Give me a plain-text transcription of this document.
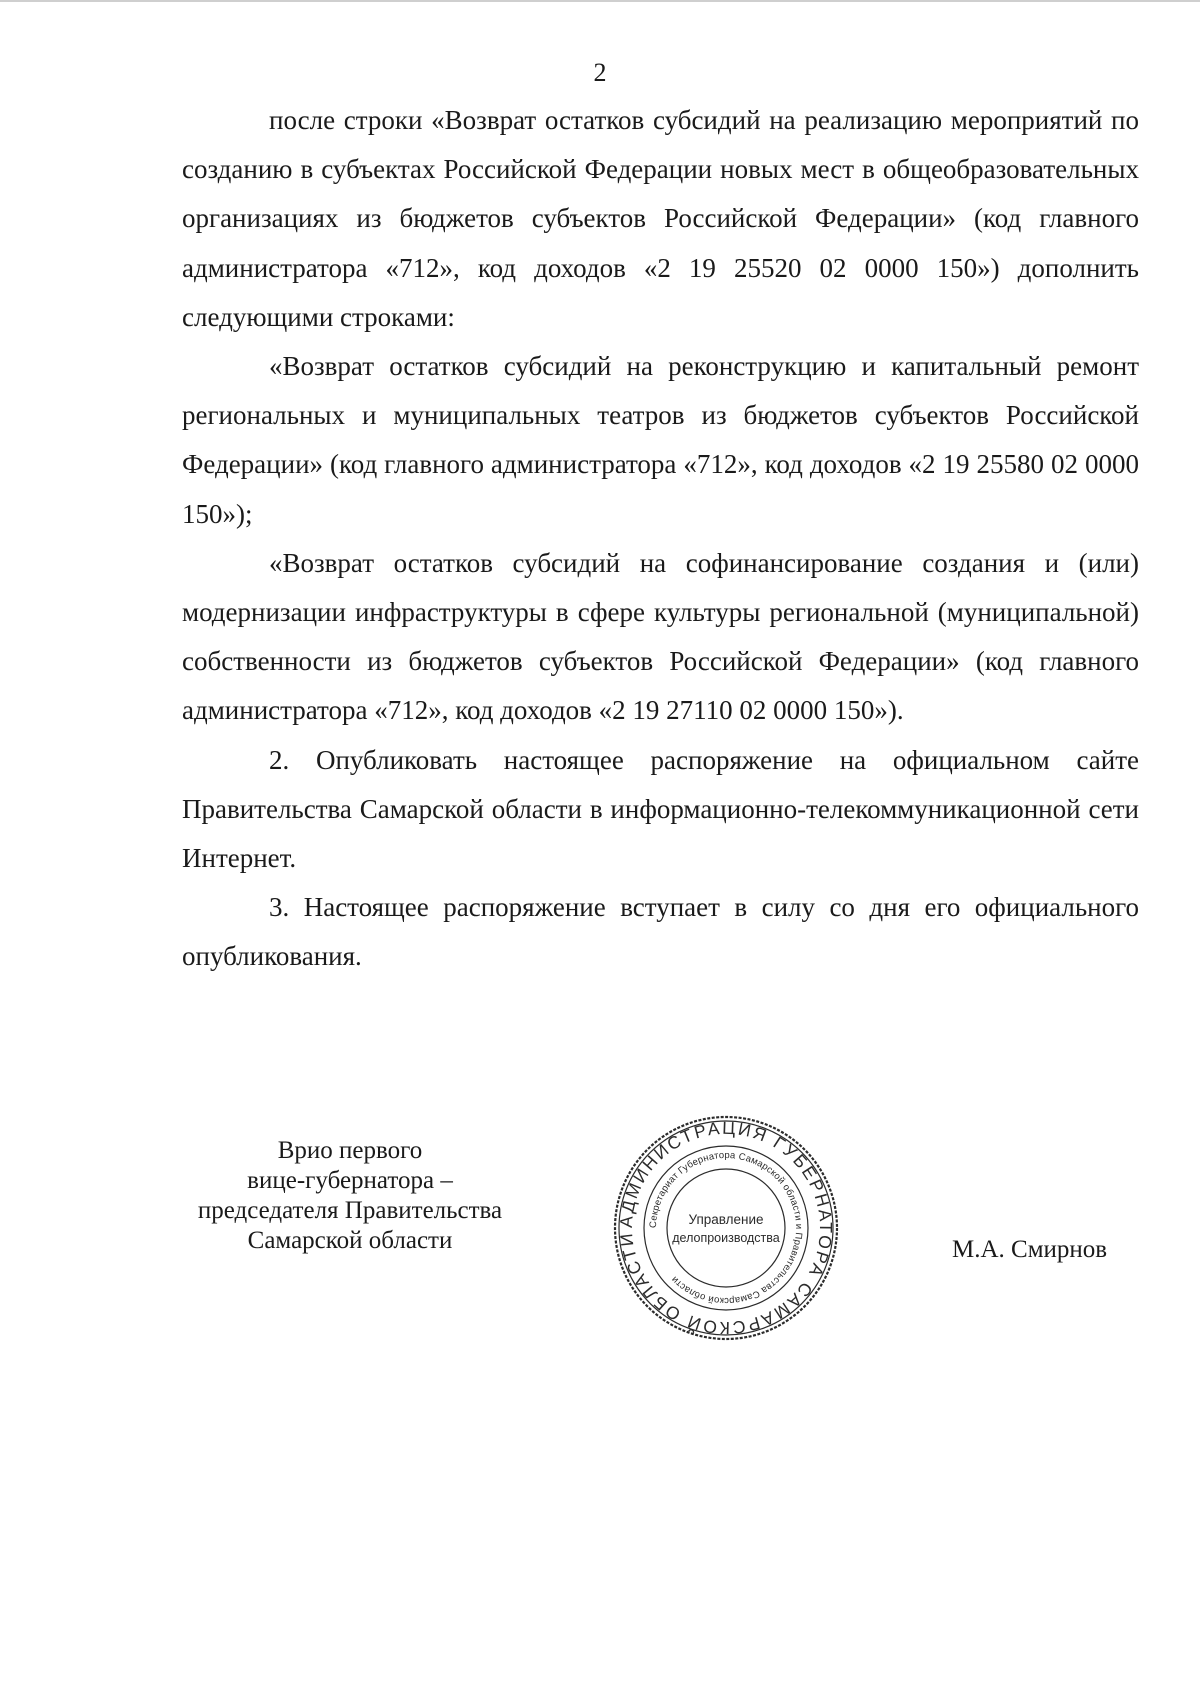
2

после строки «Возврат остатков субсидий на реализацию мероприятий по созданию в субъектах Российской Федерации новых мест в общеобразовательных организациях из бюджетов субъектов Российской Федерации» (код главного администратора «712», код доходов «2 19 25520 02 0000 150») дополнить следующими строками:

«Возврат остатков субсидий на реконструкцию и капитальный ремонт региональных и муниципальных театров из бюджетов субъектов Российской Федерации» (код главного администратора «712», код доходов «2 19 25580 02 0000 150»);

«Возврат остатков субсидий на софинансирование создания и (или) модернизации инфраструктуры в сфере культуры региональной (муниципальной) собственности из бюджетов субъектов Российской Федерации» (код главного администратора «712», код доходов «2 19 27110 02 0000 150»).

2. Опубликовать настоящее распоряжение на официальном сайте Правительства Самарской области в информационно-телекоммуникационной сети Интернет.

3. Настоящее распоряжение вступает в силу со дня его официального опубликования.

Врио первого
вице-губернатора –
председателя Правительства
Самарской области
АДМИНИСТРАЦИЯ ГУБЕРНАТОРА САМАРСКОЙ ОБЛАСТИ
Секретариат Губернатора Самарской области и Правительства Самарской области
Управление
делопроизводства	М.А. Смирнов
